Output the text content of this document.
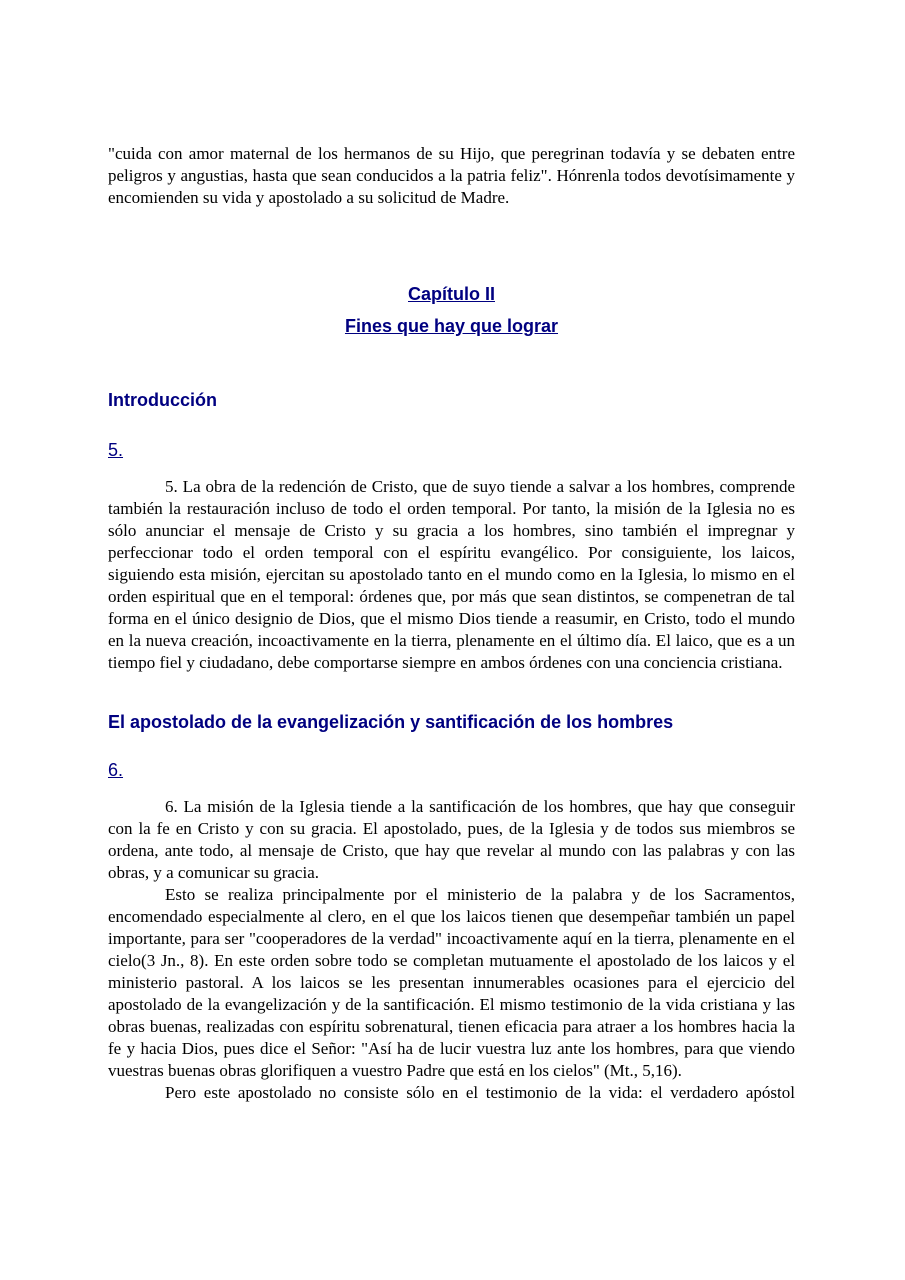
"cuida con amor maternal de los hermanos de su Hijo, que peregrinan todavía y se debaten entre peligros y angustias, hasta que sean conducidos a la patria feliz". Hónrenla todos devotísimamente y encomienden su vida y apostolado a su solicitud de Madre.

Capítulo II

Fines que hay que lograr

Introducción

5.

5. La obra de la redención de Cristo, que de suyo tiende a salvar a los hombres, comprende también la restauración incluso de todo el orden temporal. Por tanto, la misión de la Iglesia no es sólo anunciar el mensaje de Cristo y su gracia a los hombres, sino también el impregnar y perfeccionar todo el orden temporal con el espíritu evangélico. Por consiguiente, los laicos, siguiendo esta misión, ejercitan su apostolado tanto en el mundo como en la Iglesia, lo mismo en el orden espiritual que en el temporal: órdenes que, por más que sean distintos, se compenetran de tal forma en el único designio de Dios, que el mismo Dios tiende a reasumir, en Cristo, todo el mundo en la nueva creación, incoactivamente en la tierra, plenamente en el último día. El laico, que es a un tiempo fiel y ciudadano, debe comportarse siempre en ambos órdenes con una conciencia cristiana.

El apostolado de la evangelización y santificación de los hombres

6.

6. La misión de la Iglesia tiende a la santificación de los hombres, que hay que conseguir con la fe en Cristo y con su gracia. El apostolado, pues, de la Iglesia y de todos sus miembros se ordena, ante todo, al mensaje de Cristo, que hay que revelar al mundo con las palabras y con las obras, y a comunicar su gracia.

Esto se realiza principalmente por el ministerio de la palabra y de los Sacramentos, encomendado especialmente al clero, en el que los laicos tienen que desempeñar también un papel importante, para ser "cooperadores de la verdad" incoactivamente aquí en la tierra, plenamente en el cielo(3 Jn., 8). En este orden sobre todo se completan mutuamente el apostolado de los laicos y el ministerio pastoral. A los laicos se les presentan innumerables ocasiones para el ejercicio del apostolado de la evangelización y de la santificación. El mismo testimonio de la vida cristiana y las obras buenas, realizadas con espíritu sobrenatural, tienen eficacia para atraer a los hombres hacia la fe y hacia Dios, pues dice el Señor: "Así ha de lucir vuestra luz ante los hombres, para que viendo vuestras buenas obras glorifiquen a vuestro Padre que está en los cielos" (Mt., 5,16).

Pero este apostolado no consiste sólo en el testimonio de la vida: el verdadero apóstol
